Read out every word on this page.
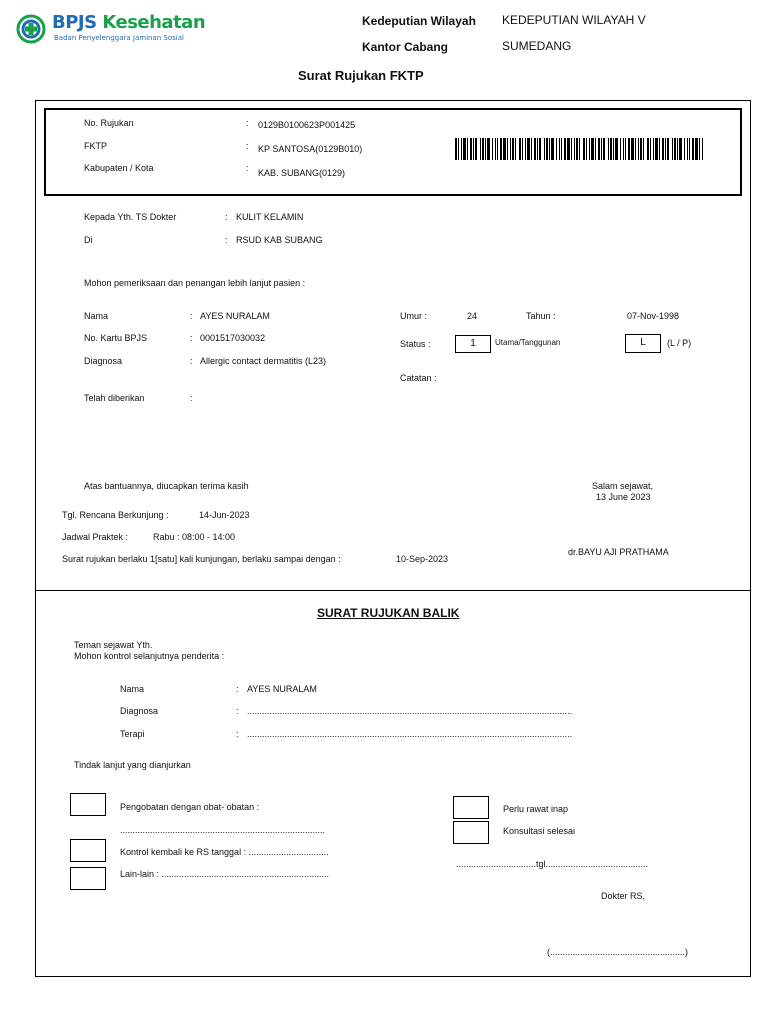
BPJS Kesehatan
Badan Penyelenggara Jaminan Sosial
Kedeputian Wilayah KEDEPUTIAN WILAYAH V
Kantor Cabang	SUMEDANG
Surat Rujukan FKTP
No. Rujukan	: 0129B0100623P001425
FKTP	: KP SANTOSA(0129B010)
Kabupaten / Kota	: KAB. SUBANG(0129)
Kepada Yth. TS Dokter	: KULIT KELAMIN
Di	: RSUD KAB SUBANG
Mohon pemeriksaan dan penangan lebih lanjut pasien :
Nama	: AYES NURALAM
No. Kartu BPJS	: 0001517030032
Diagnosa	: Allergic contact dermatitis (L23)
Telah diberikan	:
Umur :	24	Tahun :	07-Nov-1998
Status :	1	Utama/Tanggunan	L	(L / P)
Catatan :
Atas bantuannya, diucapkan terima kasih	Salam sejawat,
13 June 2023
Tgl. Rencana Berkunjung :	14-Jun-2023
Jadwal Praktek :	Rabu : 08:00 - 14:00
Surat rujukan berlaku 1[satu] kali kunjungan, berlaku sampai dengan :	10-Sep-2023
dr.BAYU AJI PRATHAMA
SURAT RUJUKAN BALIK
Teman sejawat Yth.
Mohon kontrol selanjutnya penderita :
Nama	: AYES NURALAM
Diagnosa	: ..................................................................................................................................
Terapi	: ..................................................................................................................................
Tindak lanjut yang dianjurkan
Pengobatan dengan obat- obatan :
..................................................................................
Kontrol kembali ke RS tanggal : ................................
Lain-lain : ...................................................................
Perlu rawat inap
Konsultasi selesai
................................tgl.........................................
Dokter RS,
(......................................................)
